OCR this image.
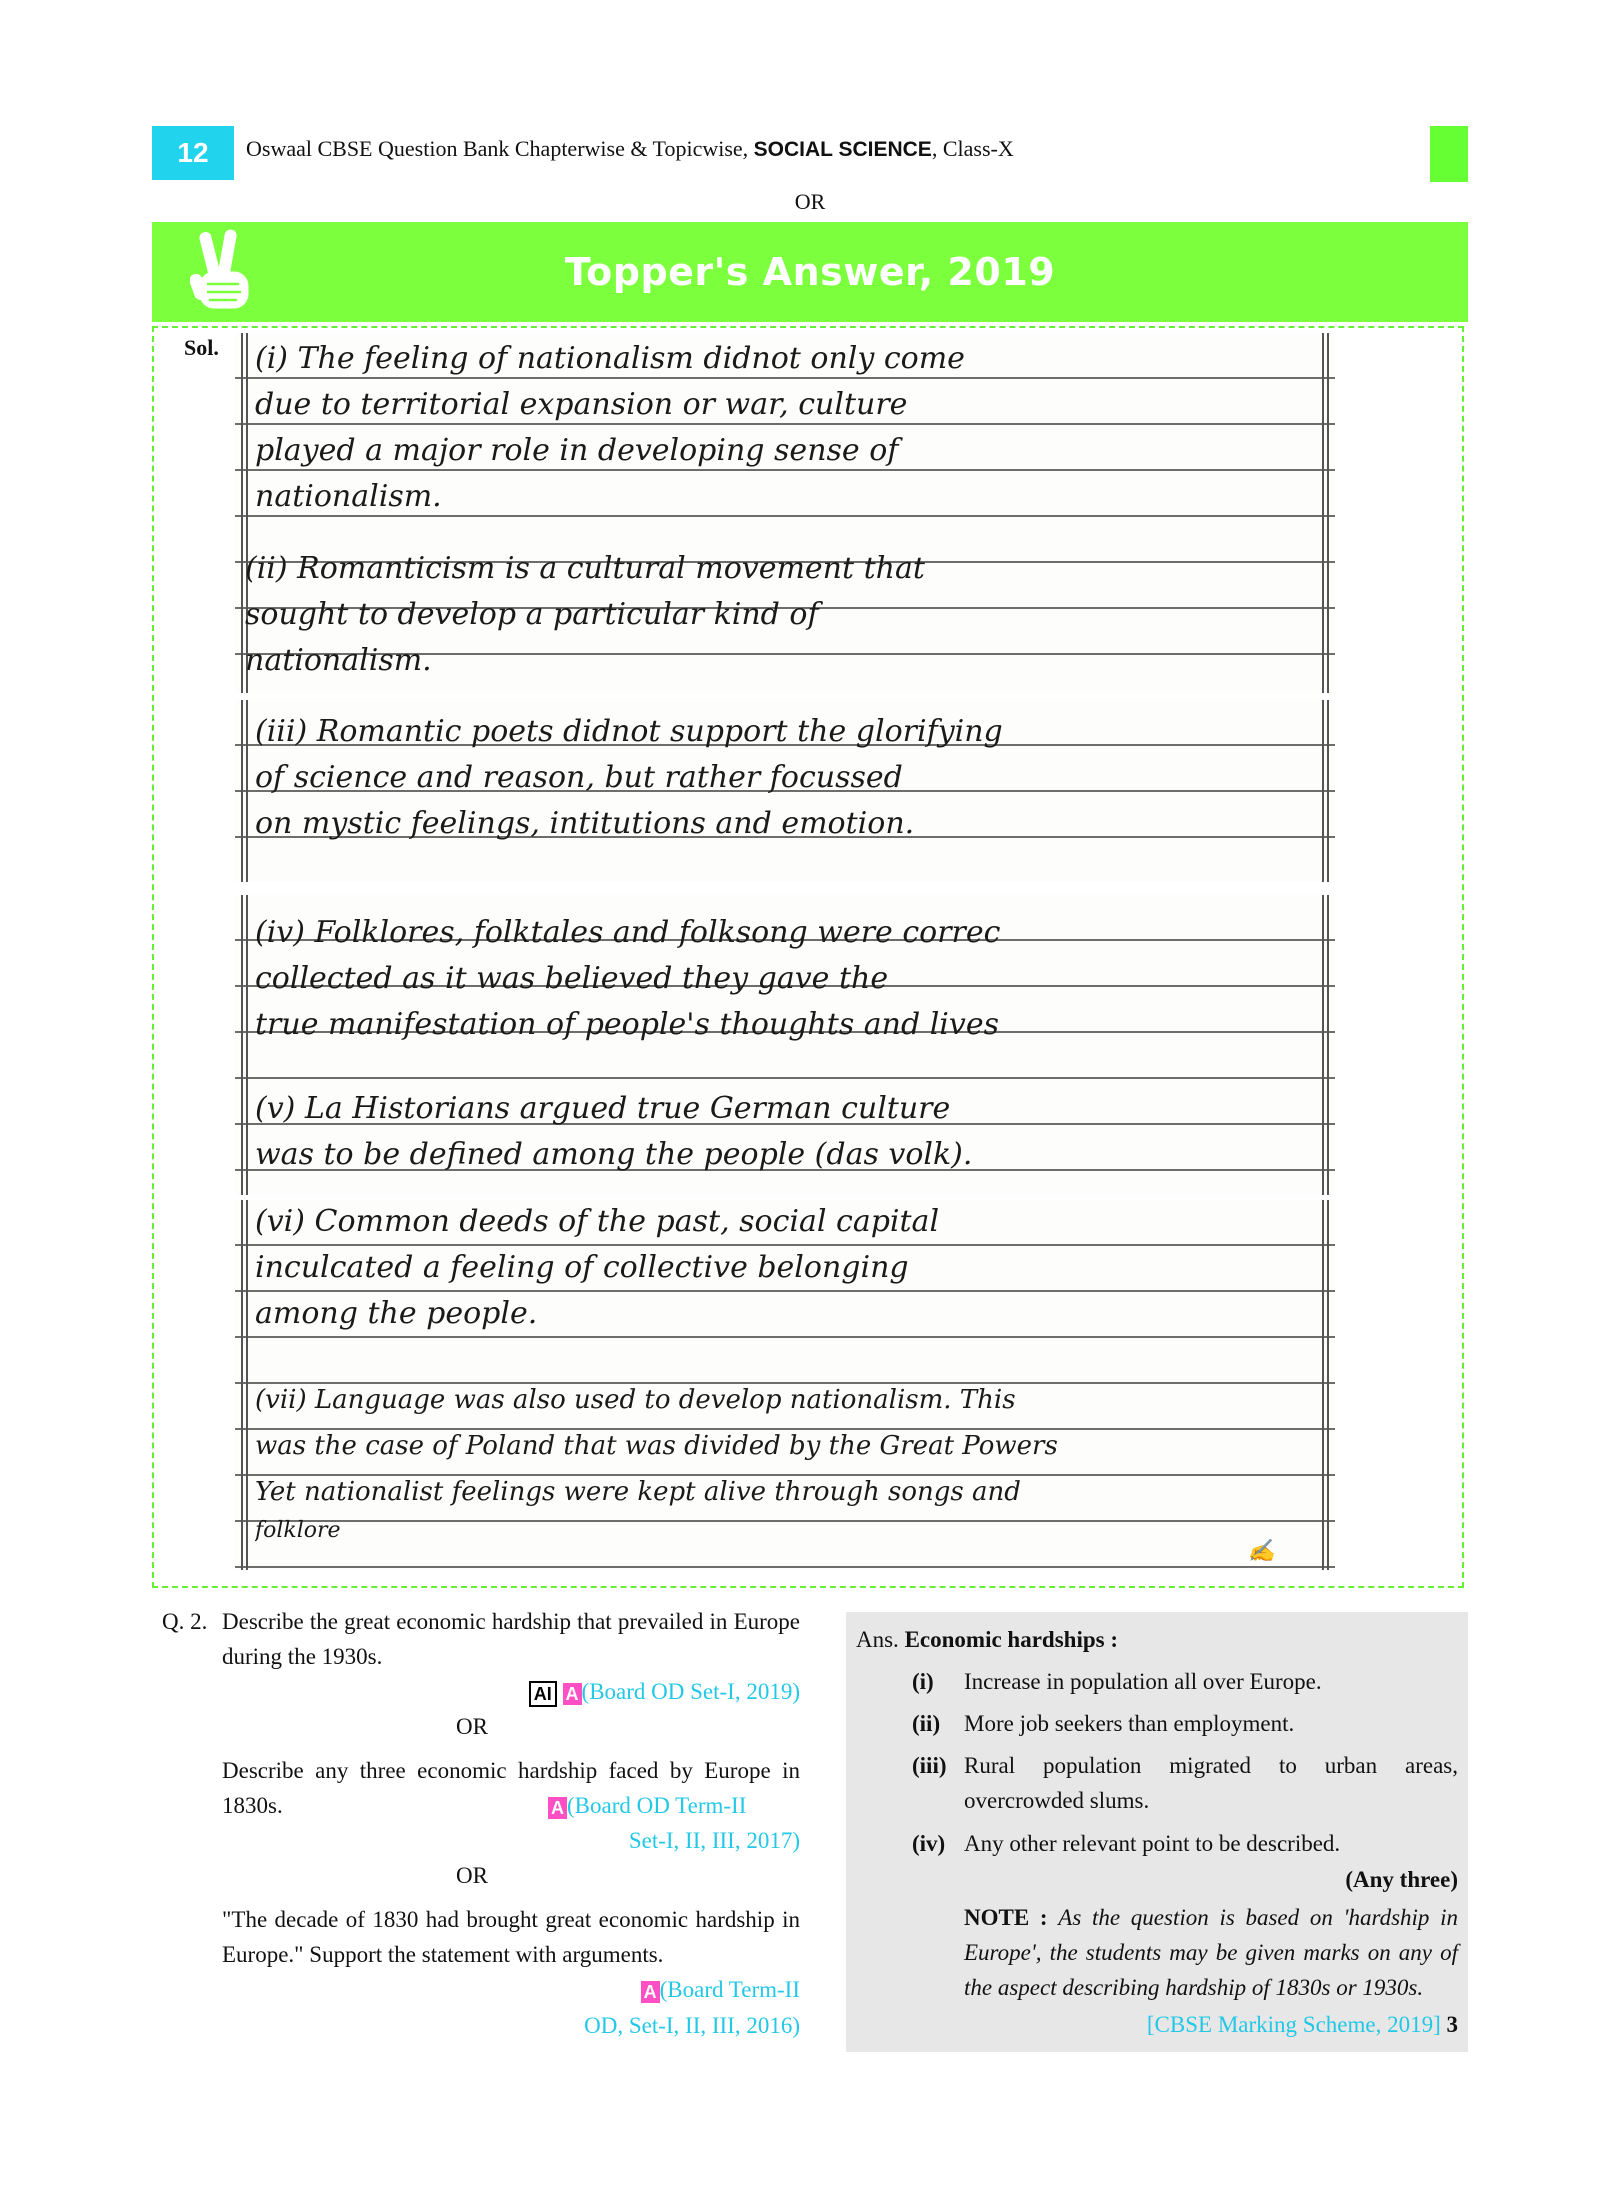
12	Oswaal CBSE Question Bank Chapterwise & Topicwise, SOCIAL SCIENCE, Class-X
OR
Topper's Answer, 2019
Sol. (i) The feeling of nationalism didnot only come
due to territorial expansion or war, culture
played a major role in developing sense of
nationalism.
(ii) Romanticism is a cultural movement that
sought to develop a particular kind of
nationalism.
(iii) Romantic poets didnot support the glorifying
of science and reason, but rather focussed
on mystic feelings, intitutions and emotion.
(iv) Folklores, folktales and folksong were correc
collected as it was believed they gave the
true manifestation of people's thoughts and lives
(v) La Historians argued true German culture
was to be defined among the people (das volk).
(vi) Common deeds of the past, social capital
inculcated a feeling of collective belonging
among the people.
(vii) Language was also used to develop nationalism. This
was the case of Poland that was divided by the Great Powers
Yet nationalist feelings were kept alive through songs and
folklore
✍
Q. 2. Describe the great economic hardship that prevailed in Europe during the 1930s.
AI A (Board OD Set-I, 2019)
OR
Describe any three economic hardship faced by Europe in 1830s.	A (Board OD Term-II
Set-I, II, III, 2017)
OR
"The decade of 1830 had brought great economic hardship in Europe." Support the statement with arguments.
A (Board Term-II
OD, Set-I, II, III, 2016)
Ans. Economic hardships :
(i) Increase in population all over Europe.
(ii) More job seekers than employment.
(iii) Rural population migrated to urban areas, overcrowded slums.
(iv) Any other relevant point to be described.
(Any three)
NOTE : As the question is based on 'hardship in Europe', the students may be given marks on any of the aspect describing hardship of 1830s or 1930s.
[CBSE Marking Scheme, 2019] 3
